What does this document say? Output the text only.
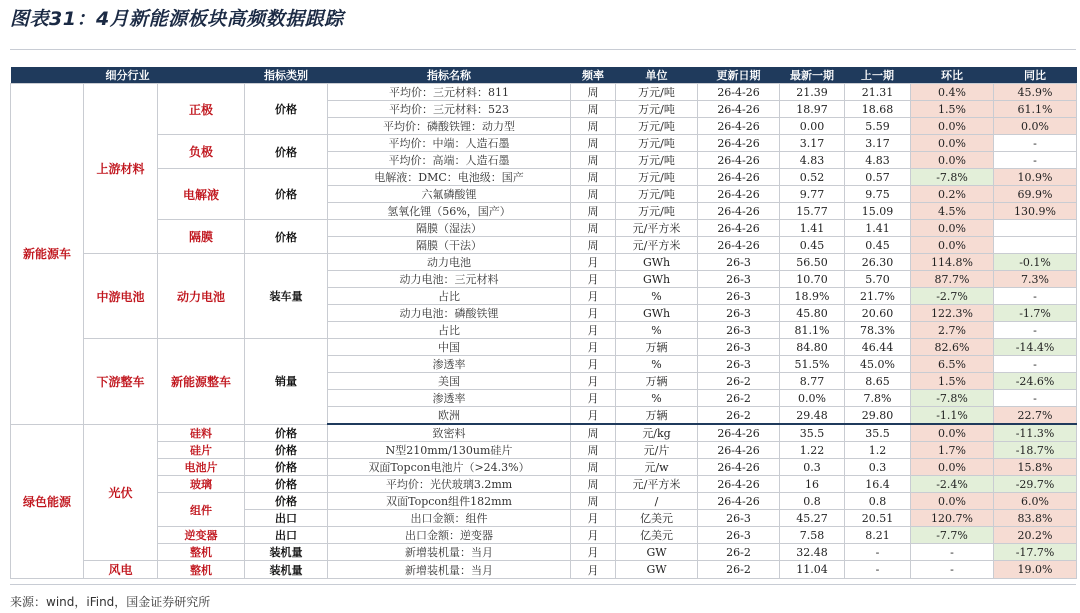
图表31：4月新能源板块高频数据跟踪
细分行业			指标类别	指标名称	频率	单位	更新日期	最新一期	上一期	环比	同比
新能源车	上游材料	正极	价格	平均价：三元材料：811	周	万元/吨	26-4-26	21.39	21.31	0.4%	45.9%
				平均价：三元材料：523	周	万元/吨	26-4-26	18.97	18.68	1.5%	61.1%
				平均价：磷酸铁锂：动力型	周	万元/吨	26-4-26	0.00	5.59	0.0%	0.0%
		负极	价格	平均价：中端：人造石墨	周	万元/吨	26-4-26	3.17	3.17	0.0%	-
				平均价：高端：人造石墨	周	万元/吨	26-4-26	4.83	4.83	0.0%	-
		电解液	价格	电解液：DMC：电池级：国产	周	万元/吨	26-4-26	0.52	0.57	-7.8%	10.9%
				六氟磷酸锂	周	万元/吨	26-4-26	9.77	9.75	0.2%	69.9%
				氢氧化锂（56%，国产）	周	万元/吨	26-4-26	15.77	15.09	4.5%	130.9%
		隔膜	价格	隔膜（湿法）	周	元/平方米	26-4-26	1.41	1.41	0.0%	
				隔膜（干法）	周	元/平方米	26-4-26	0.45	0.45	0.0%	
	中游电池	动力电池	装车量	动力电池	月	GWh	26-3	56.50	26.30	114.8%	-0.1%
				动力电池：三元材料	月	GWh	26-3	10.70	5.70	87.7%	7.3%
				占比	月	%	26-3	18.9%	21.7%	-2.7%	-
				动力电池：磷酸铁锂	月	GWh	26-3	45.80	20.60	122.3%	-1.7%
				占比	月	%	26-3	81.1%	78.3%	2.7%	-
	下游整车	新能源整车	销量	中国	月	万辆	26-3	84.80	46.44	82.6%	-14.4%
				渗透率	月	%	26-3	51.5%	45.0%	6.5%	-
				美国	月	万辆	26-2	8.77	8.65	1.5%	-24.6%
				渗透率	月	%	26-2	0.0%	7.8%	-7.8%	-
				欧洲	月	万辆	26-2	29.48	29.80	-1.1%	22.7%
绿色能源	光伏	硅料	价格	致密料	周	元/kg	26-4-26	35.5	35.5	0.0%	-11.3%
		硅片	价格	N型210mm/130um硅片	周	元/片	26-4-26	1.22	1.2	1.7%	-18.7%
		电池片	价格	双面Topcon电池片（>24.3%）	周	元/w	26-4-26	0.3	0.3	0.0%	15.8%
		玻璃	价格	平均价：光伏玻璃3.2mm	周	元/平方米	26-4-26	16	16.4	-2.4%	-29.7%
		组件	价格	双面Topcon组件182mm	周	/	26-4-26	0.8	0.8	0.0%	6.0%
			出口	出口金额：组件	月	亿美元	26-3	45.27	20.51	120.7%	83.8%
		逆变器	出口	出口金额：逆变器	月	亿美元	26-3	7.58	8.21	-7.7%	20.2%
		整机	装机量	新增装机量：当月	月	GW	26-2	32.48	-	-	-17.7%
	风电	整机	装机量	新增装机量：当月	月	GW	26-2	11.04	-	-	19.0%
来源：wind，iFind，国金证券研究所
